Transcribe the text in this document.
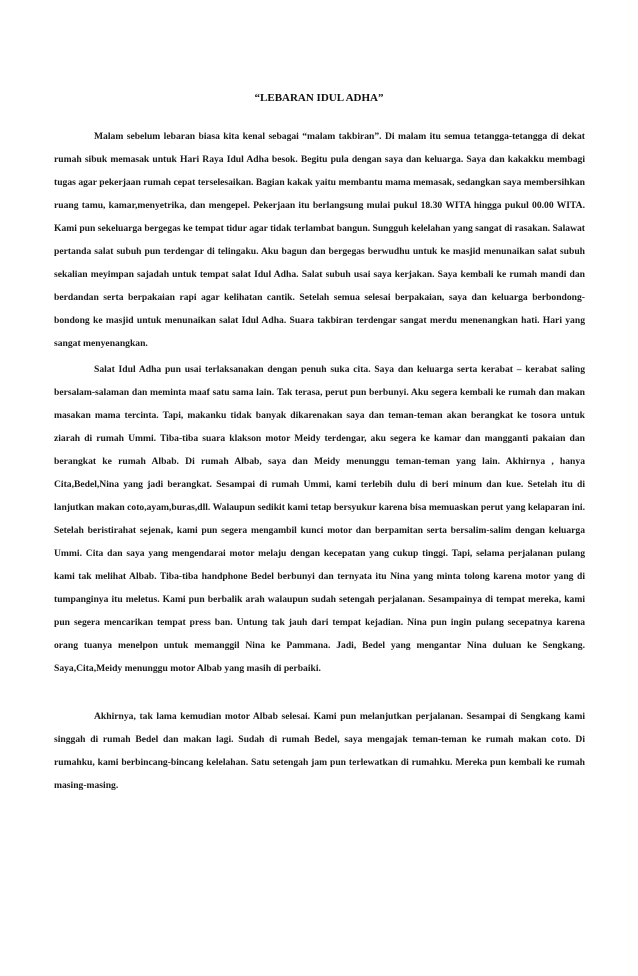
“LEBARAN IDUL ADHA”

Malam sebelum lebaran biasa kita kenal sebagai “malam takbiran”. Di malam itu semua tetangga-tetangga di dekat rumah sibuk memasak untuk Hari Raya Idul Adha besok. Begitu pula dengan saya dan keluarga. Saya dan kakakku membagi tugas agar pekerjaan rumah cepat terselesaikan. Bagian kakak yaitu membantu mama memasak, sedangkan saya membersihkan ruang tamu, kamar,menyetrika, dan mengepel. Pekerjaan itu berlangsung mulai pukul 18.30 WITA hingga pukul 00.00 WITA. Kami pun sekeluarga bergegas ke tempat tidur agar tidak terlambat bangun. Sungguh kelelahan yang sangat di rasakan. Salawat pertanda salat subuh pun terdengar di telingaku. Aku bagun dan bergegas berwudhu untuk ke masjid menunaikan salat subuh sekalian meyimpan sajadah untuk tempat salat Idul Adha. Salat subuh usai saya kerjakan. Saya kembali ke rumah mandi dan berdandan serta berpakaian rapi agar kelihatan cantik. Setelah semua selesai berpakaian, saya dan keluarga berbondong-bondong ke masjid untuk menunaikan salat Idul Adha. Suara takbiran terdengar sangat merdu menenangkan hati. Hari yang sangat menyenangkan.

Salat Idul Adha pun usai terlaksanakan dengan penuh suka cita. Saya dan keluarga serta kerabat – kerabat saling bersalam-salaman dan meminta maaf satu sama lain. Tak terasa, perut pun berbunyi. Aku segera kembali ke rumah dan makan masakan mama tercinta. Tapi, makanku tidak banyak dikarenakan saya dan teman-teman akan berangkat ke tosora untuk ziarah di rumah Ummi. Tiba-tiba suara klakson motor Meidy terdengar, aku segera ke kamar dan mangganti pakaian dan berangkat ke rumah Albab. Di rumah Albab, saya dan Meidy menunggu teman-teman yang lain. Akhirnya , hanya Cita,Bedel,Nina yang jadi berangkat. Sesampai di rumah Ummi, kami terlebih dulu di beri minum dan kue. Setelah itu di lanjutkan makan coto,ayam,buras,dll. Walaupun sedikit kami tetap bersyukur karena bisa memuaskan perut yang kelaparan ini. Setelah beristirahat sejenak, kami pun segera mengambil kunci motor dan berpamitan serta bersalim-salim dengan keluarga Ummi. Cita dan saya yang mengendarai motor melaju dengan kecepatan yang cukup tinggi. Tapi, selama perjalanan pulang kami tak melihat Albab. Tiba-tiba handphone Bedel berbunyi dan ternyata itu Nina yang minta tolong karena motor yang di tumpanginya itu meletus. Kami pun berbalik arah walaupun sudah setengah perjalanan. Sesampainya di tempat mereka, kami pun segera mencarikan tempat press ban. Untung tak jauh dari tempat kejadian. Nina pun ingin pulang secepatnya karena orang tuanya menelpon untuk memanggil Nina ke Pammana. Jadi, Bedel yang mengantar Nina duluan ke Sengkang. Saya,Cita,Meidy menunggu motor Albab yang masih di perbaiki.

Akhirnya, tak lama kemudian motor Albab selesai. Kami pun melanjutkan perjalanan. Sesampai di Sengkang kami singgah di rumah Bedel dan makan lagi. Sudah di rumah Bedel, saya mengajak teman-teman ke rumah makan coto. Di rumahku, kami berbincang-bincang kelelahan. Satu setengah jam pun terlewatkan di rumahku. Mereka pun kembali ke rumah masing-masing.
